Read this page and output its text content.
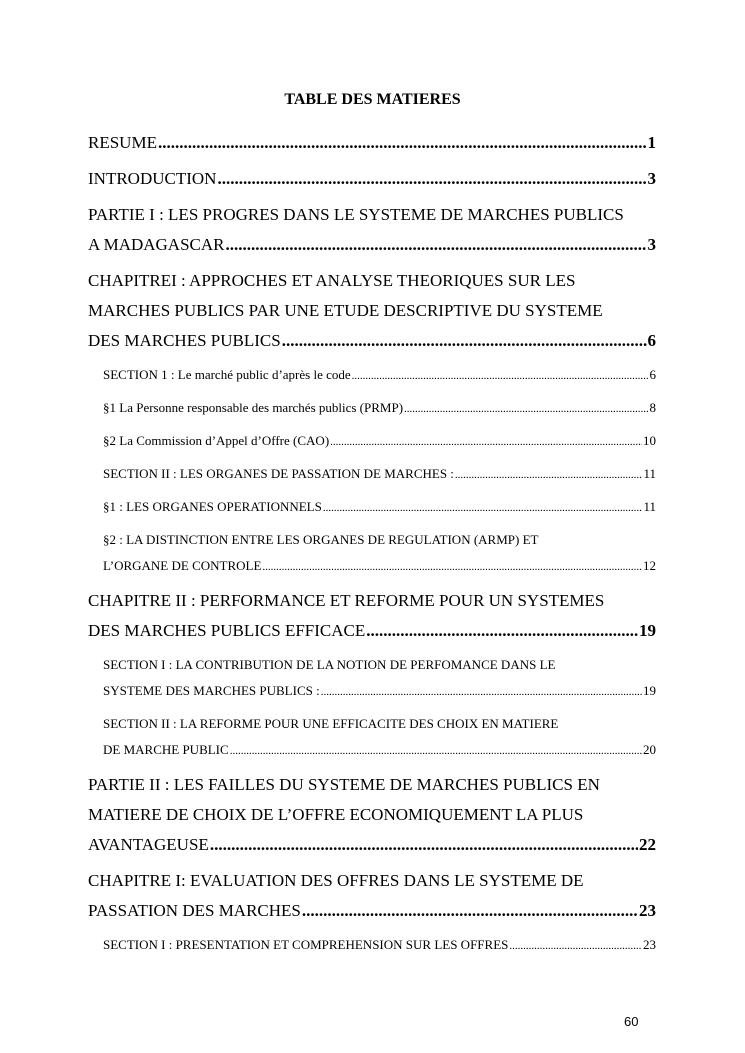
TABLE DES MATIERES
RESUME .....	1
INTRODUCTION .....	3
PARTIE I : LES PROGRES DANS LE SYSTEME DE MARCHES PUBLICS
A MADAGASCAR .....	3
CHAPITREI : APPROCHES ET ANALYSE THEORIQUES SUR LES
MARCHES PUBLICS PAR UNE ETUDE DESCRIPTIVE DU SYSTEME
DES MARCHES PUBLICS .....	6
SECTION 1 : Le marché public d’après le code .....	6
§1 La Personne responsable des marchés publics (PRMP) .....	8
§2 La Commission d’Appel d’Offre (CAO) .....	10
SECTION II : LES ORGANES DE PASSATION DE MARCHES : .....	11
§1 : LES ORGANES OPERATIONNELS .....	11
§2 : LA DISTINCTION ENTRE LES ORGANES DE REGULATION (ARMP) ET
L’ORGANE DE CONTROLE .....	12
CHAPITRE II : PERFORMANCE ET REFORME POUR UN SYSTEMES
DES MARCHES PUBLICS EFFICACE .....	19
SECTION I : LA CONTRIBUTION DE LA NOTION DE PERFOMANCE DANS LE
SYSTEME DES MARCHES PUBLICS : .....	19
SECTION II : LA REFORME POUR UNE EFFICACITE DES CHOIX EN MATIERE
DE MARCHE PUBLIC .....	20
PARTIE II : LES FAILLES DU SYSTEME DE MARCHES PUBLICS EN
MATIERE DE CHOIX DE L’OFFRE ECONOMIQUEMENT LA PLUS
AVANTAGEUSE .....	22
CHAPITRE I: EVALUATION DES OFFRES DANS LE SYSTEME DE
PASSATION DES MARCHES .....	23
SECTION I : PRESENTATION ET COMPREHENSION SUR LES OFFRES .....	23
60
